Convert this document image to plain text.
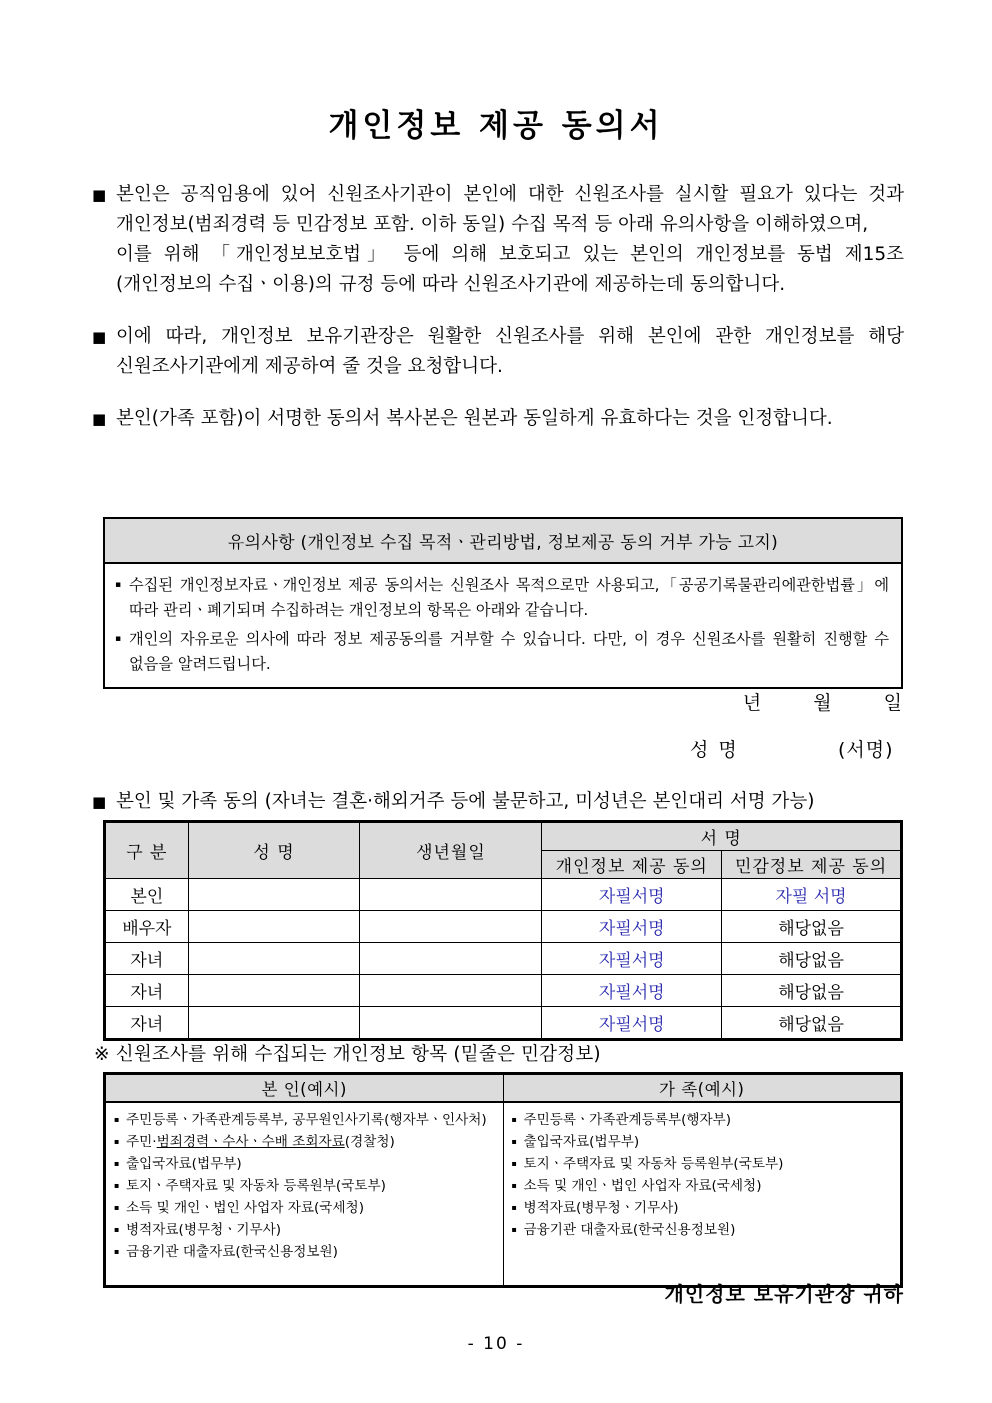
개인정보 제공 동의서
■ 본인은 공직임용에 있어 신원조사기관이 본인에 대한 신원조사를 실시할 필요가 있다는 것과 개인정보(범죄경력 등 민감정보 포함. 이하 동일) 수집 목적 등 아래 유의사항을 이해하였으며,

이를 위해 「개인정보보호법」 등에 의해 보호되고 있는 본인의 개인정보를 동법 제15조(개인정보의 수집ㆍ이용)의 규정 등에 따라 신원조사기관에 제공하는데 동의합니다.

■ 이에 따라, 개인정보 보유기관장은 원활한 신원조사를 위해 본인에 관한 개인정보를 해당 신원조사기관에게 제공하여 줄 것을 요청합니다.

■ 본인(가족 포함)이 서명한 동의서 복사본은 원본과 동일하게 유효하다는 것을 인정합니다.

유의사항 (개인정보 수집 목적ㆍ관리방법, 정보제공 동의 거부 가능 고지)
▪ 수집된 개인정보자료ㆍ개인정보 제공 동의서는 신원조사 목적으로만 사용되고,「공공기록물관리에관한법률」에 따라 관리ㆍ폐기되며 수집하려는 개인정보의 항목은 아래와 같습니다.
▪ 개인의 자유로운 의사에 따라 정보 제공동의를 거부할 수 있습니다. 다만, 이 경우 신원조사를 원활히 진행할 수 없음을 알려드립니다.
년	월	일
성 명	(서명)
■ 본인 및 가족 동의 (자녀는 결혼·해외거주 등에 불문하고, 미성년은 본인대리 서명 가능)
구 분	성 명	생년월일	서 명	
			개인정보 제공 동의	민감정보 제공 동의
본인			자필서명	자필 서명
배우자			자필서명	해당없음
자녀			자필서명	해당없음
자녀			자필서명	해당없음
자녀			자필서명	해당없음
※ 신원조사를 위해 수집되는 개인정보 항목 (밑줄은 민감정보)
본 인(예시)	가 족(예시)

▪ 주민등록ㆍ가족관계등록부, 공무원인사기록(행자부ㆍ인사처)
▪ 주민·범죄경력ㆍ수사ㆍ수배 조회자료(경찰청)
▪ 출입국자료(법무부)
▪ 토지ㆍ주택자료 및 자동차 등록원부(국토부)
▪ 소득 및 개인ㆍ법인 사업자 자료(국세청)
▪ 병적자료(병무청ㆍ기무사)
▪ 금융기관 대출자료(한국신용정보원)

▪ 주민등록ㆍ가족관계등록부(행자부)
▪ 출입국자료(법무부)
▪ 토지ㆍ주택자료 및 자동차 등록원부(국토부)
▪ 소득 및 개인ㆍ법인 사업자 자료(국세청)
▪ 병적자료(병무청ㆍ기무사)
▪ 금융기관 대출자료(한국신용정보원)
개인정보 보유기관장 귀하
- 10 -
